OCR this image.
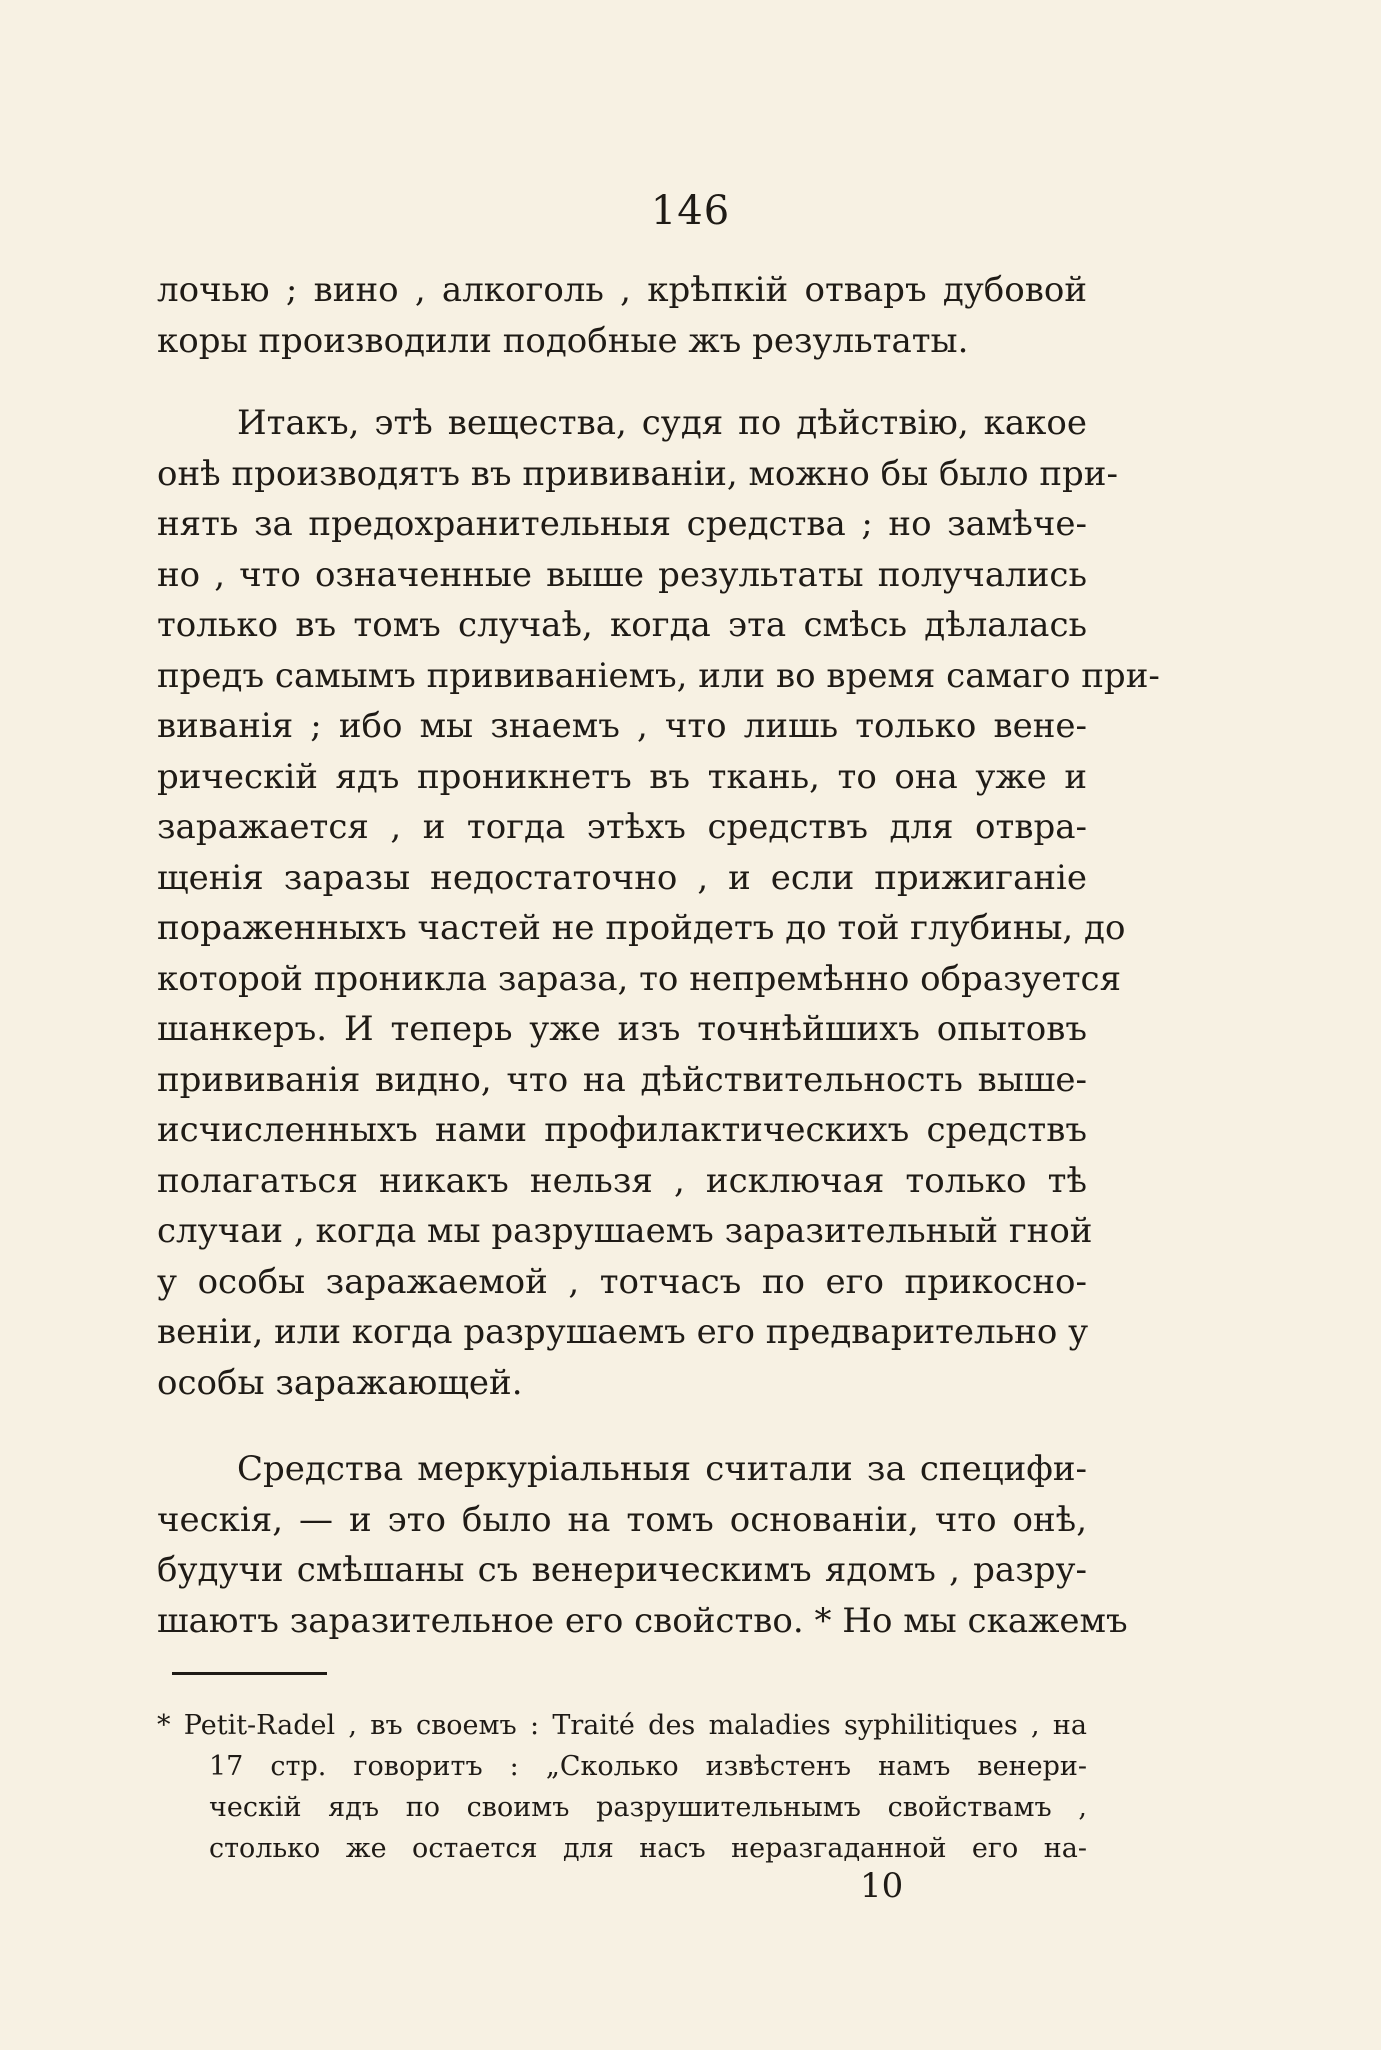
146
лочью ; вино , алкоголь , крѣпкій отваръ дубовой
коры производили подобные жъ результаты.
Итакъ, этѣ вещества, судя по дѣйствію, какое
онѣ производятъ въ прививаніи, можно бы было при-
нять за предохранительныя средства ; но замѣче-
но , что означенные выше результаты получались
только въ томъ случаѣ, когда эта смѣсь дѣлалась
предъ самымъ прививаніемъ, или во время самаго при-
виванія ; ибо мы знаемъ , что лишь только вене-
рическій ядъ проникнетъ въ ткань, то она уже и
заражается , и тогда этѣхъ средствъ для отвра-
щенія заразы недостаточно , и если прижиганіе
пораженныхъ частей не пройдетъ до той глубины, до
которой проникла зараза, то непремѣнно образуется
шанкеръ. И теперь уже изъ точнѣйшихъ опытовъ
прививанія видно, что на дѣйствительность выше-
исчисленныхъ нами профилактическихъ средствъ
полагаться никакъ нельзя , исключая только тѣ
случаи , когда мы разрушаемъ заразительный гной
у особы заражаемой , тотчасъ по его прикосно-
веніи, или когда разрушаемъ его предварительно у
особы заражающей.
Средства меркуріальныя считали за специфи-
ческія, — и это было на томъ основаніи, что онѣ,
будучи смѣшаны съ венерическимъ ядомъ , разру-
шаютъ заразительное его свойство. * Но мы скажемъ
* Petit-Radel , въ своемъ : Traité des maladies syphilitiques , на
17 стр. говоритъ : „Сколько извѣстенъ намъ венери-
ческій ядъ по своимъ разрушительнымъ свойствамъ ,
столько же остается для насъ неразгаданной его на-
10
